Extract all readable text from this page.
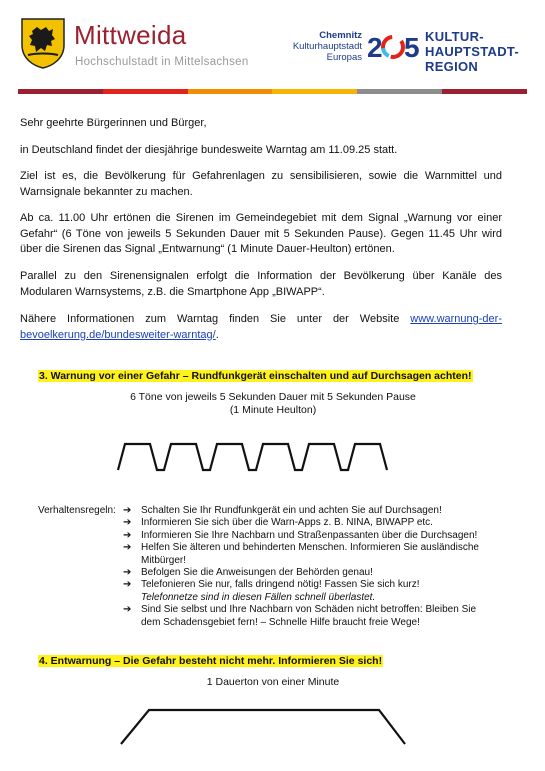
Mittweida
Hochschulstadt in Mittelsachsen
Chemnitz
Kulturhauptstadt
Europas 2 5 KULTUR-
HAUPTSTADT-
REGION

Sehr geehrte Bürgerinnen und Bürger,

in Deutschland findet der diesjährige bundesweite Warntag am 11.09.25 statt.

Ziel ist es, die Bevölkerung für Gefahrenlagen zu sensibilisieren, sowie die Warnmittel und Warnsignale bekannter zu machen.

Ab ca. 11.00 Uhr ertönen die Sirenen im Gemeindegebiet mit dem Signal „Warnung vor einer Gefahr“ (6 Töne von jeweils 5 Sekunden Dauer mit 5 Sekunden Pause). Gegen 11.45 Uhr wird über die Sirenen das Signal „Entwarnung“ (1 Minute Dauer-Heulton) ertönen.

Parallel zu den Sirenensignalen erfolgt die Information der Bevölkerung über Kanäle des Modularen Warnsystems, z.B. die Smartphone App „BIWAPP“.

Nähere Informationen zum Warntag finden Sie unter der Website www.warnung-der-bevoelkerung.de/bundesweiter-warntag/.

3. Warnung vor einer Gefahr – Rundfunkgerät einschalten und auf Durchsagen achten!
6 Töne von jeweils 5 Sekunden Dauer mit 5 Sekunden Pause
(1 Minute Heulton)
Verhaltensregeln: ➔ Schalten Sie Ihr Rundfunkgerät ein und achten Sie auf Durchsagen!
➔ Informieren Sie sich über die Warn-Apps z. B. NINA, BIWAPP etc.
➔ Informieren Sie Ihre Nachbarn und Straßenpassanten über die Durchsagen!
➔ Helfen Sie älteren und behinderten Menschen. Informieren Sie ausländische Mitbürger!
➔ Befolgen Sie die Anweisungen der Behörden genau!
➔ Telefonieren Sie nur, falls dringend nötig! Fassen Sie sich kurz!
Telefonnetze sind in diesen Fällen schnell überlastet.
➔ Sind Sie selbst und Ihre Nachbarn von Schäden nicht betroffen: Bleiben Sie dem Schadensgebiet fern! – Schnelle Hilfe braucht freie Wege!
4. Entwarnung – Die Gefahr besteht nicht mehr. Informieren Sie sich!
1 Dauerton von einer Minute
